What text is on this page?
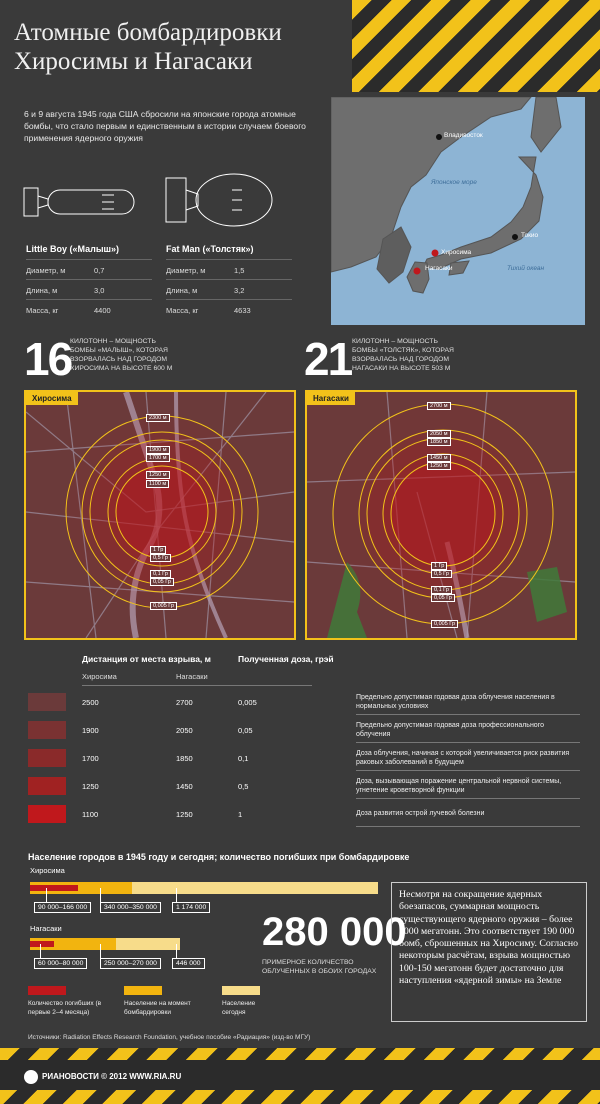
Атомные бомбардировки
Хиросимы и Нагасаки
6 и 9 августа 1945 года США сбросили на японские города атомные бомбы, что стало первым и единственным в истории случаем боевого применения ядерного оружия
Little Boy («Малыш»)
Диаметр, м	0,7
Длина, м	3,0
Масса, кг	4400
Fat Man («Толстяк»)
Диаметр, м	1,5
Длина, м	3,2
Масса, кг	4633
Владивосток
Японское море
Токио
Хиросима
Нагасаки	Тихий океан
16
КИЛОТОНН – МОЩНОСТЬ БОМБЫ «МАЛЫШ», КОТОРАЯ ВЗОРВАЛАСЬ НАД ГОРОДОМ ХИРОСИМА НА ВЫСОТЕ 600 М	21 КИЛОТОНН – МОЩНОСТЬ БОМБЫ «ТОЛСТЯК», КОТОРАЯ ВЗОРВАЛАСЬ НАД ГОРОДОМ НАГАСАКИ НА ВЫСОТЕ 503 М
Хиросима
2300 м
1900 м
1700 м
1250 м
1100 м
1 Гр
0,5 Гр
0,1 Гр
0,05 Гр
0,005 Гр
Нагасаки
2700 м
2050 м
1850 м
1450 м
1250 м
1 Гр
0,5 Гр
0,1 Гр
0,05 Гр
0,005 Гр
Дистанция от места взрыва, м	Полученная доза, грэй
Хиросима	Нагасаки
2500	2700	0,005
Предельно допустимая годовая доза облучения населения в нормальных условиях
1900	2050	0,05
Предельно допустимая годовая доза профессионального облучения
1700	1850	0,1
Доза облучения, начиная с которой увеличивается риск развития раковых заболеваний в будущем
1250	1450	0,5
Доза, вызывающая поражение центральной нервной системы, угнетение кроветворной функции
1100	1250	1	Доза развития острой лучевой болезни
Население городов в 1945 году и сегодня; количество погибших при бомбардировке
Хиросима
90 000–166 000	340 000–350 000	1 174 000
Нагасаки
60 000–80 000	250 000–270 000	446 000
Количество погибших (в первые 2–4 месяца)
Население на момент бомбардировки
Население сегодня
280 000
ПРИМЕРНОЕ КОЛИЧЕСТВО ОБЛУЧЕННЫХ В ОБОИХ ГОРОДАХ
Несмотря на сокращение ядерных боезапасов, суммарная мощность существующего ядерного оружия – более 3000 мегатонн. Это соответствует 190 000 бомб, сброшенных на Хиросиму. Согласно некоторым расчётам, взрыва мощностью 100-150 мегатонн будет достаточно для наступления «ядерной зимы» на Земле
Источники: Radiation Effects Research Foundation, учебное пособие «Радиация» (изд-во МГУ)
РИАНОВОСТИ © 2012 WWW.RIA.RU
